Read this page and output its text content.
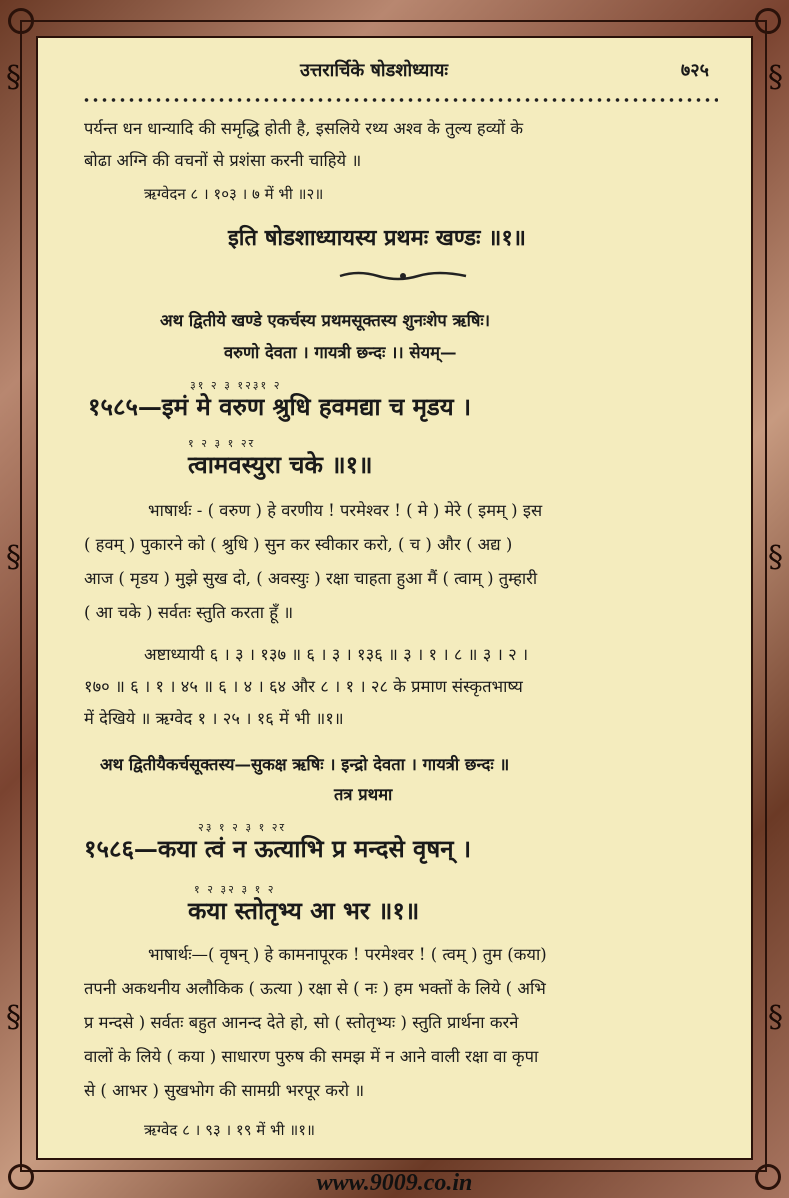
§
§
§
§
§
§
उत्तरार्चिके षोडशोध्यायः	७२५
पर्यन्त धन धान्यादि की समृद्धि होती है, इसलिये रथ्य अश्व के तुल्य हव्यों के
बोढा अग्नि की वचनों से प्रशंसा करनी चाहिये ॥
ऋग्वेदन ८ । १०३ । ७ में भी ॥२॥
इति षोडशाध्यायस्य प्रथमः खण्डः ॥१॥
अथ द्वितीये खण्डे एकर्चस्य प्रथमसूक्तस्य शुनःशेप ऋषिः।
वरुणो देवता । गायत्री छन्दः ।। सेयम्—
३१ २ ३ १२३१ २
१५८५—इमं मे वरुण श्रुधि हवमद्या च मृडय ।
१ २ ३ १ २र
त्वामवस्युरा चके ॥१॥
भाषार्थः - ( वरुण ) हे वरणीय ! परमेश्वर ! ( मे ) मेरे ( इमम् ) इस
( हवम् ) पुकारने को ( श्रुधि ) सुन कर स्वीकार करो, ( च ) और ( अद्य )
आज ( मृडय ) मुझे सुख दो, ( अवस्युः ) रक्षा चाहता हुआ मैं ( त्वाम् ) तुम्हारी
( आ चके ) सर्वतः स्तुति करता हूँ ॥
अष्टाध्यायी ६ । ३ । १३७ ॥ ६ । ३ । १३६ ॥ ३ । १ । ८ ॥ ३ । २ ।
१७० ॥ ६ । १ । ४५ ॥ ६ । ४ । ६४ और ८ । १ । २८ के प्रमाण संस्कृतभाष्य
में देखिये ॥ ऋग्वेद १ । २५ । १६ में भी ॥१॥
अथ द्वितीयैकर्चसूक्तस्य—सुकक्ष ऋषिः । इन्द्रो देवता । गायत्री छन्दः ॥
तत्र प्रथमा
२३ १ २ ३ १ २र
१५८६—कया त्वं न ऊत्याभि प्र मन्दसे वृषन् ।
१ २ ३२ ३ १ २
कया स्तोतृभ्य आ भर ॥१॥
भाषार्थः—( वृषन् ) हे कामनापूरक ! परमेश्वर ! ( त्वम् ) तुम (कया)
तपनी अकथनीय अलौकिक ( ऊत्या ) रक्षा से ( नः ) हम भक्तों के लिये ( अभि
प्र मन्दसे ) सर्वतः बहुत आनन्द देते हो, सो ( स्तोतृभ्यः ) स्तुति प्रार्थना करने
वालों के लिये ( कया ) साधारण पुरुष की समझ में न आने वाली रक्षा वा कृपा
से ( आभर ) सुखभोग की सामग्री भरपूर करो ॥
ऋग्वेद ८ । ९३ । १९ में भी ॥१॥
www.9009.co.in
